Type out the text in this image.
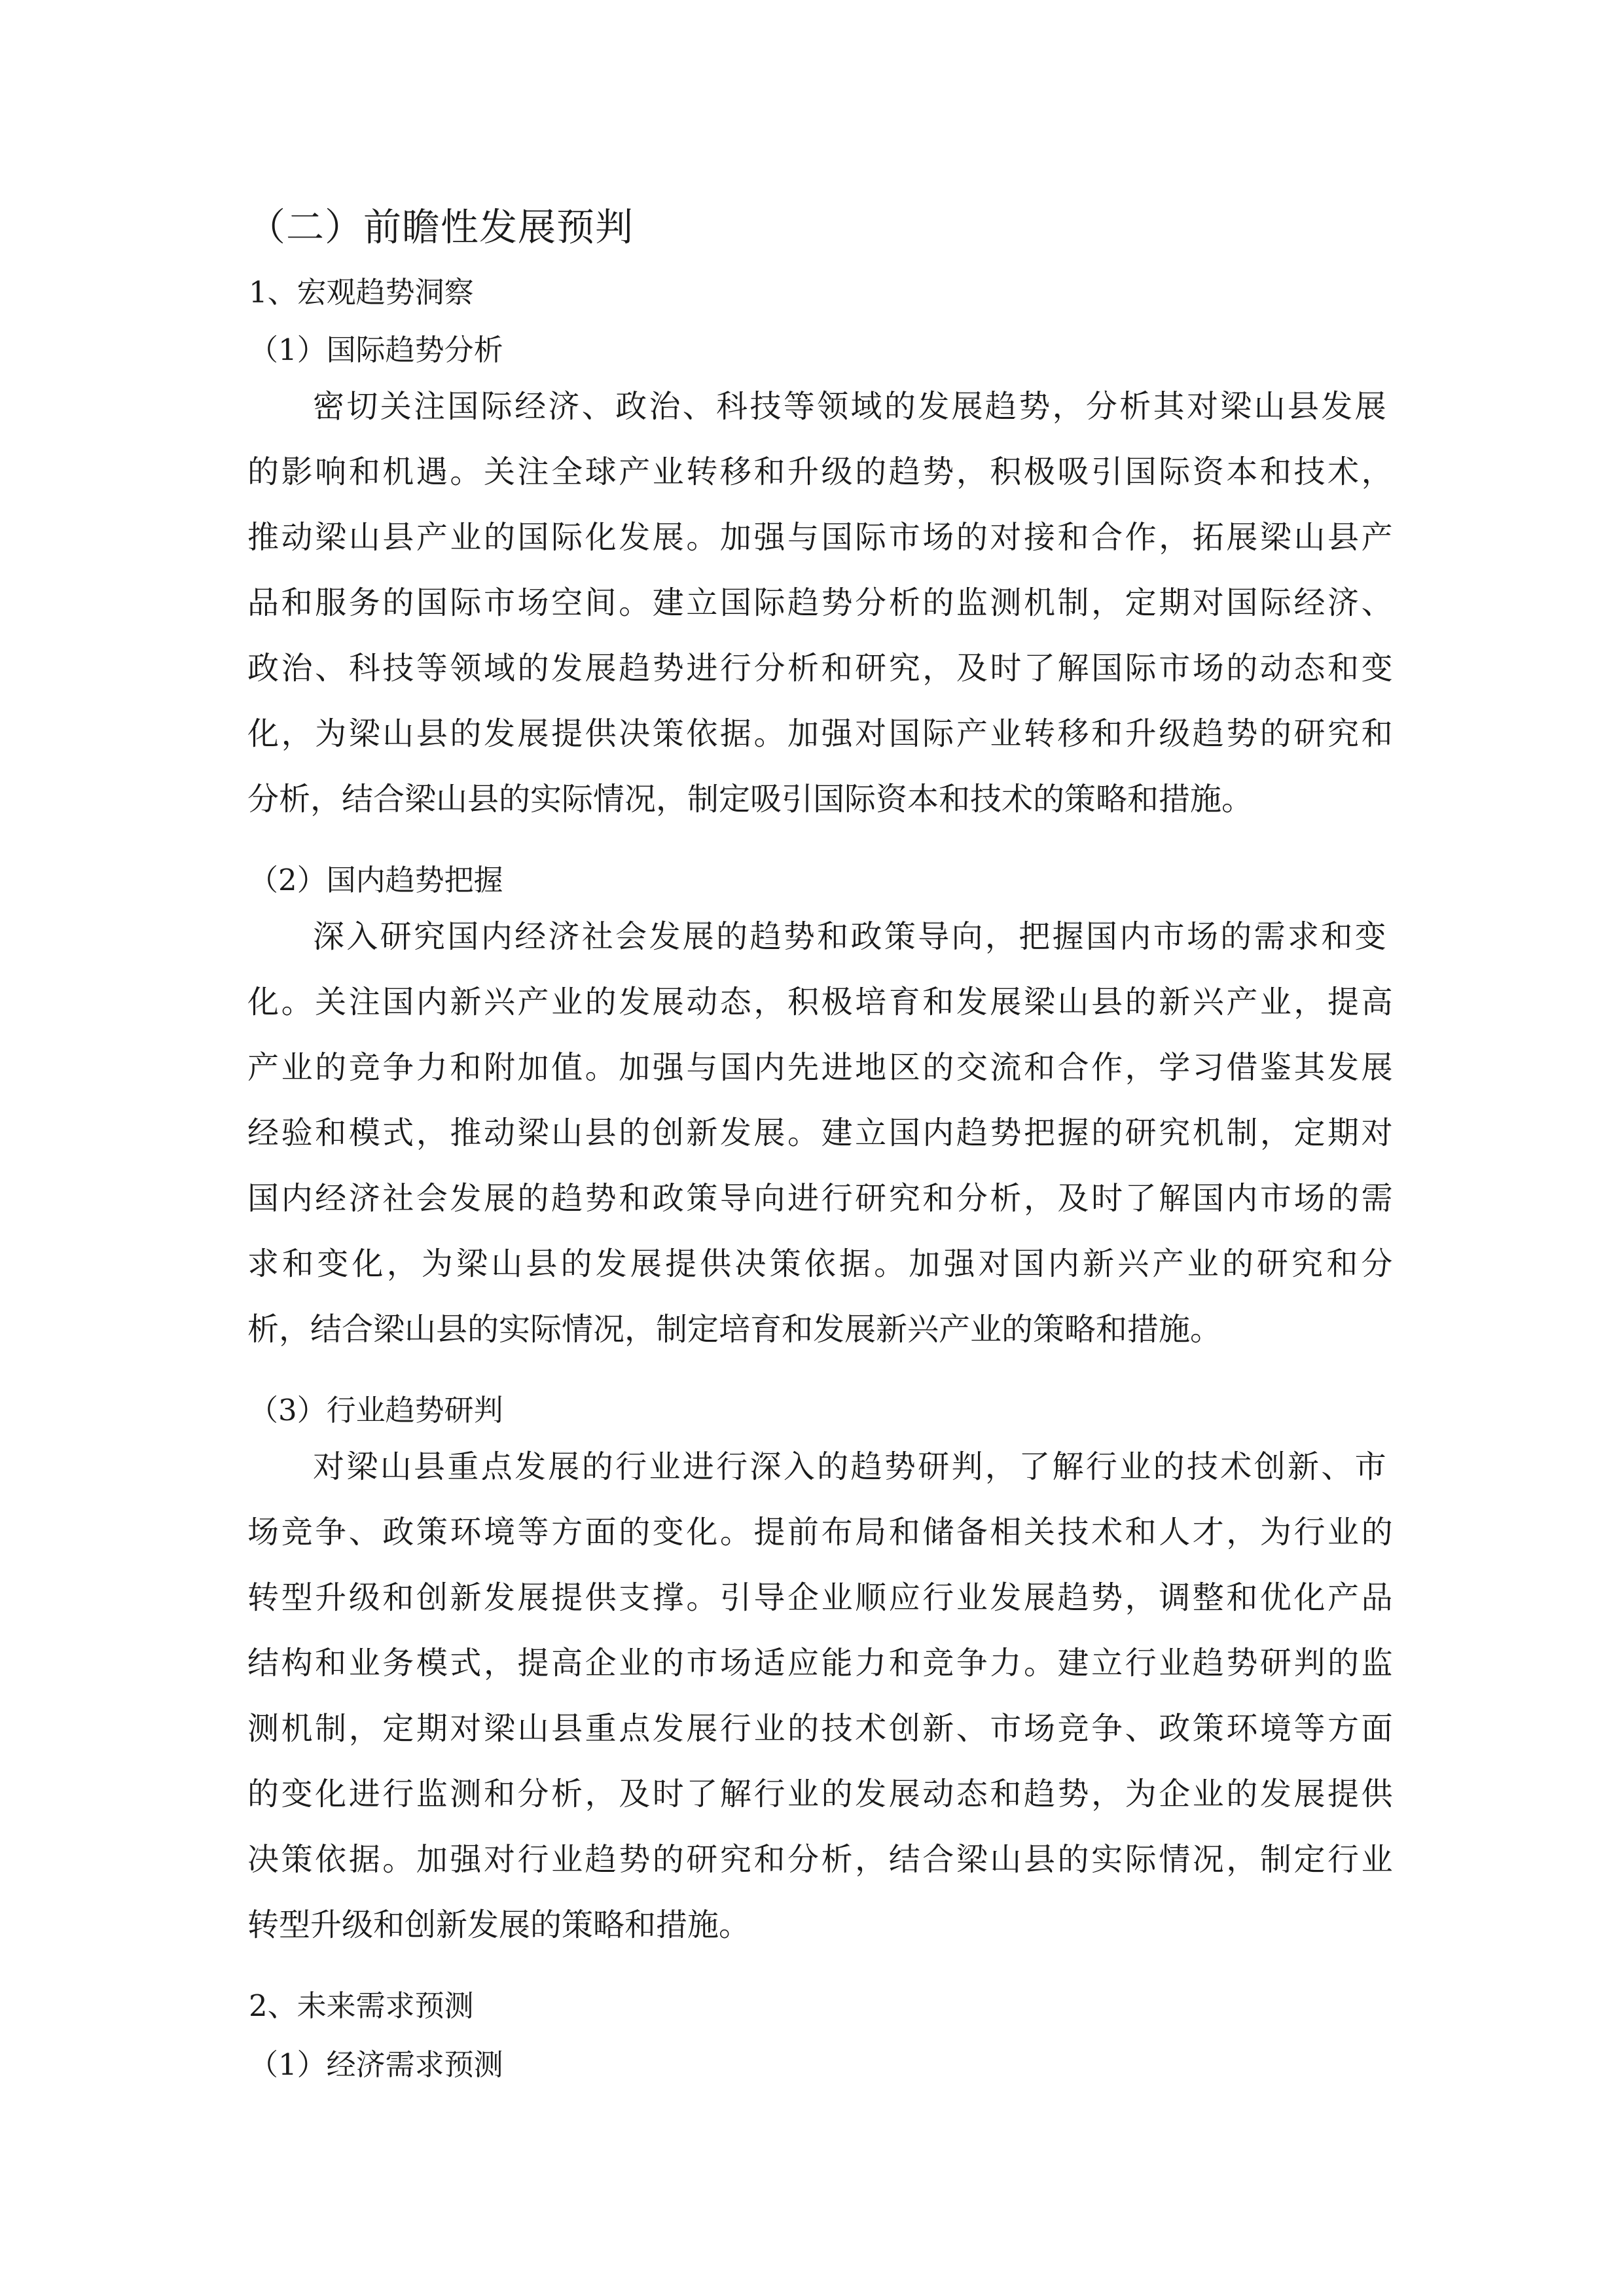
（二）前瞻性发展预判

1、宏观趋势洞察

（1）国际趋势分析

密 切 关 注 国 际 经 济 、 政 治 、 科 技 等 领 域 的 发 展 趋 势 ， 分 析 其 对 梁 山 县 发 展

的 影 响 和 机 遇 。 关 注 全 球 产 业 转 移 和 升 级 的 趋 势 ， 积 极 吸 引 国 际 资 本 和 技 术 ，

推 动 梁 山 县 产 业 的 国 际 化 发 展 。 加 强 与 国 际 市 场 的 对 接 和 合 作 ， 拓 展 梁 山 县 产

品 和 服 务 的 国 际 市 场 空 间 。 建 立 国 际 趋 势 分 析 的 监 测 机 制 ， 定 期 对 国 际 经 济 、

政 治 、 科 技 等 领 域 的 发 展 趋 势 进 行 分 析 和 研 究 ， 及 时 了 解 国 际 市 场 的 动 态 和 变

化 ， 为 梁 山 县 的 发 展 提 供 决 策 依 据 。 加 强 对 国 际 产 业 转 移 和 升 级 趋 势 的 研 究 和

分析，结合梁山县的实际情况，制定吸引国际资本和技术的策略和措施。

（2）国内趋势把握

深 入 研 究 国 内 经 济 社 会 发 展 的 趋 势 和 政 策 导 向 ， 把 握 国 内 市 场 的 需 求 和 变

化 。 关 注 国 内 新 兴 产 业 的 发 展 动 态 ， 积 极 培 育 和 发 展 梁 山 县 的 新 兴 产 业 ， 提 高

产 业 的 竞 争 力 和 附 加 值 。 加 强 与 国 内 先 进 地 区 的 交 流 和 合 作 ， 学 习 借 鉴 其 发 展

经 验 和 模 式 ， 推 动 梁 山 县 的 创 新 发 展 。 建 立 国 内 趋 势 把 握 的 研 究 机 制 ， 定 期 对

国 内 经 济 社 会 发 展 的 趋 势 和 政 策 导 向 进 行 研 究 和 分 析 ， 及 时 了 解 国 内 市 场 的 需

求 和 变 化 ， 为 梁 山 县 的 发 展 提 供 决 策 依 据 。 加 强 对 国 内 新 兴 产 业 的 研 究 和 分

析，结合梁山县的实际情况，制定培育和发展新兴产业的策略和措施。

（3）行业趋势研判

对 梁 山 县 重 点 发 展 的 行 业 进 行 深 入 的 趋 势 研 判 ， 了 解 行 业 的 技 术 创 新 、 市

场 竞 争 、 政 策 环 境 等 方 面 的 变 化 。 提 前 布 局 和 储 备 相 关 技 术 和 人 才 ， 为 行 业 的

转 型 升 级 和 创 新 发 展 提 供 支 撑 。 引 导 企 业 顺 应 行 业 发 展 趋 势 ， 调 整 和 优 化 产 品

结 构 和 业 务 模 式 ， 提 高 企 业 的 市 场 适 应 能 力 和 竞 争 力 。 建 立 行 业 趋 势 研 判 的 监

测 机 制 ， 定 期 对 梁 山 县 重 点 发 展 行 业 的 技 术 创 新 、 市 场 竞 争 、 政 策 环 境 等 方 面

的 变 化 进 行 监 测 和 分 析 ， 及 时 了 解 行 业 的 发 展 动 态 和 趋 势 ， 为 企 业 的 发 展 提 供

决 策 依 据 。 加 强 对 行 业 趋 势 的 研 究 和 分 析 ， 结 合 梁 山 县 的 实 际 情 况 ， 制 定 行 业

转型升级和创新发展的策略和措施。

2、未来需求预测

（1）经济需求预测
